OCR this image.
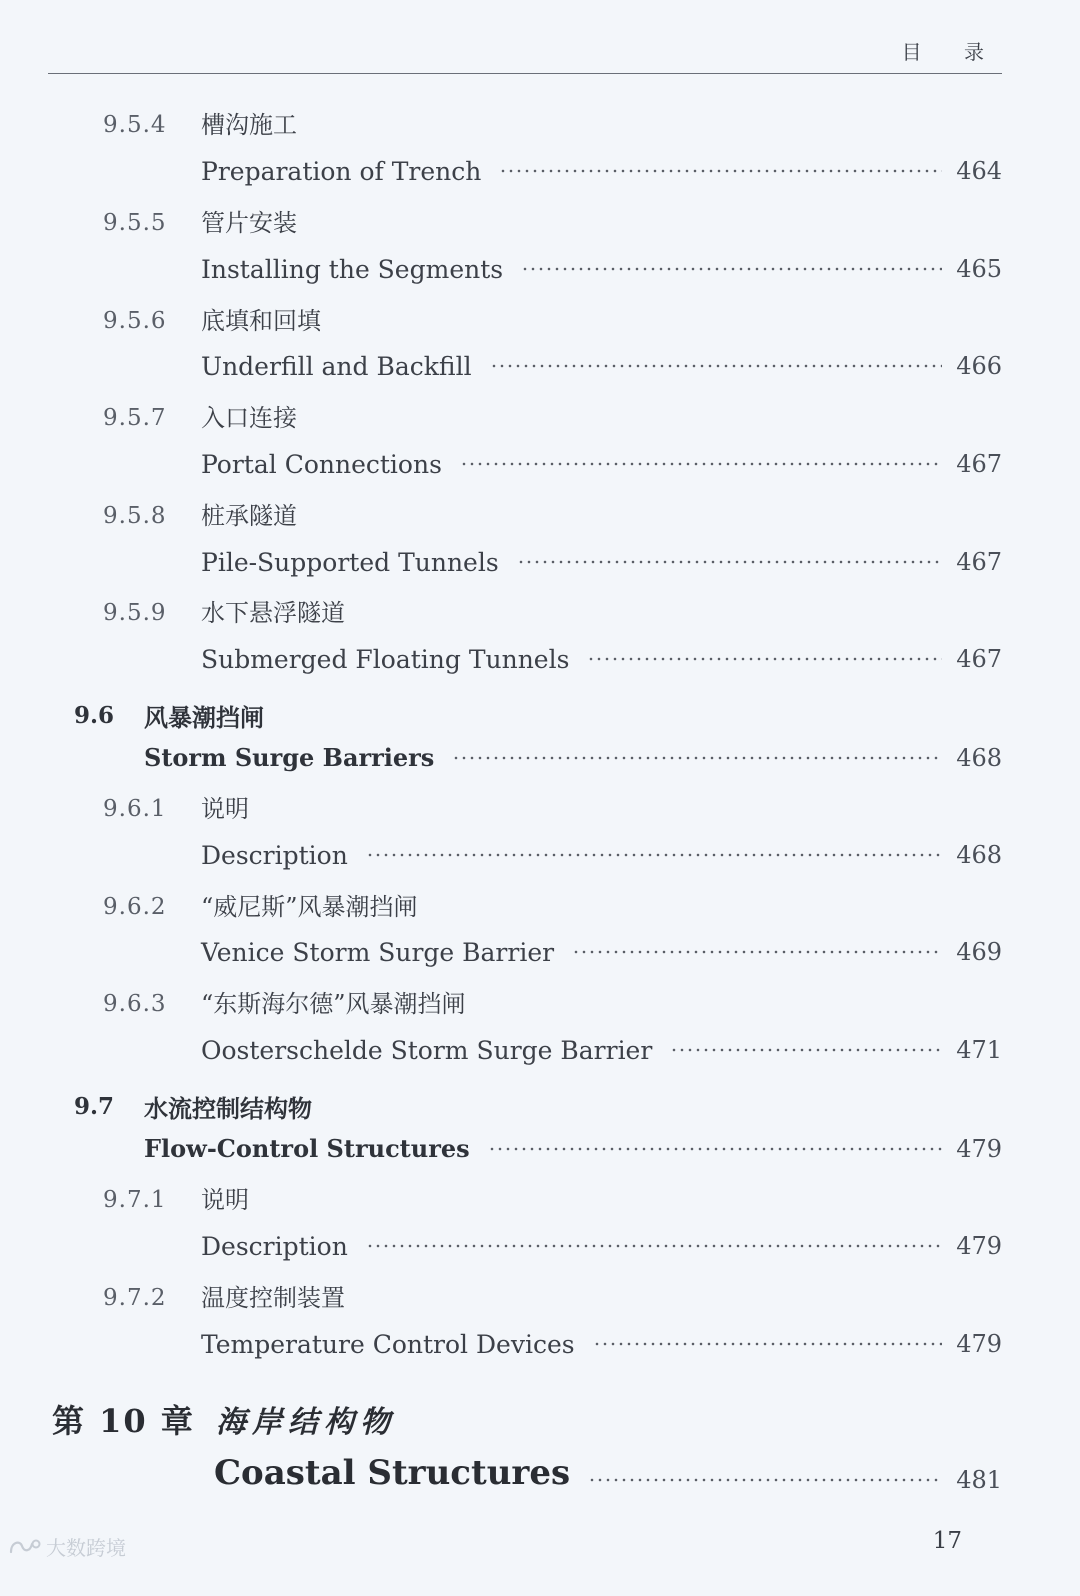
目 录
9.5.4	槽沟施工
Preparation of Trench	464
9.5.5	管片安装
Installing the Segments	465
9.5.6	底填和回填
Underfill and Backfill	466
9.5.7	入口连接
Portal Connections	467
9.5.8	桩承隧道
Pile-Supported Tunnels	467
9.5.9	水下悬浮隧道
Submerged Floating Tunnels	467
9.6	风暴潮挡闸
Storm Surge Barriers	468
9.6.1	说明
Description	468
9.6.2	“威尼斯”风暴潮挡闸
Venice Storm Surge Barrier	469
9.6.3	“东斯海尔德”风暴潮挡闸
Oosterschelde Storm Surge Barrier	471
9.7	水流控制结构物
Flow-Control Structures	479
9.7.1	说明
Description	479
9.7.2	温度控制装置
Temperature Control Devices	479
第 10 章 海岸结构物
Coastal Structures	481
17
大数跨境
